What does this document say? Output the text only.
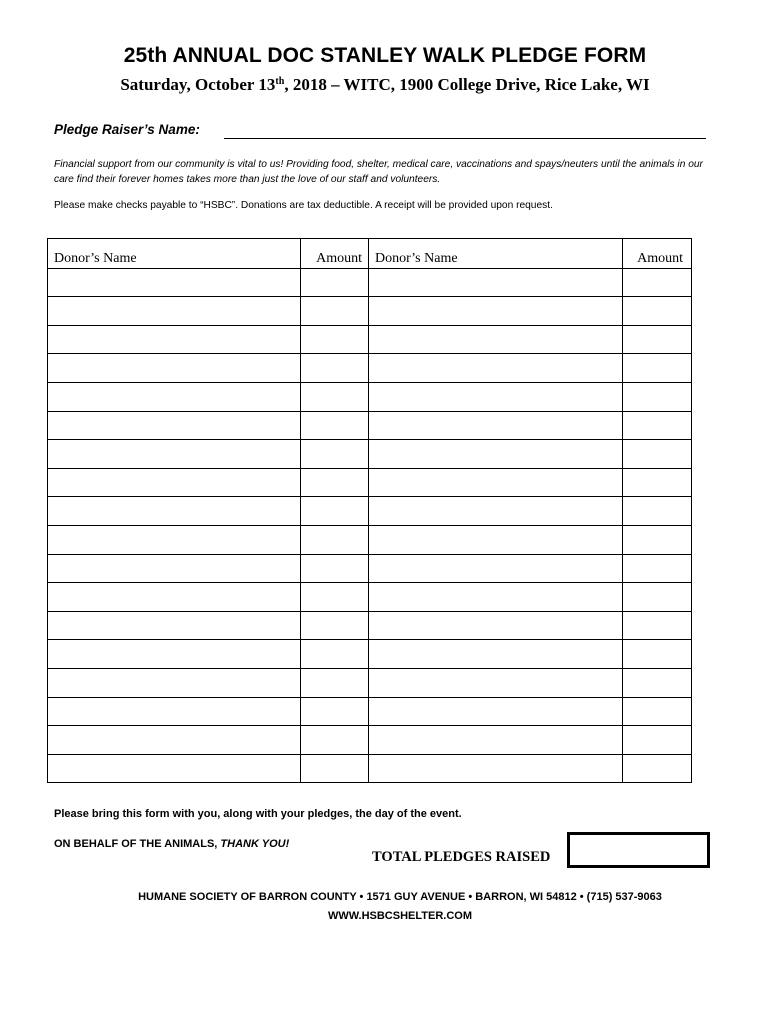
25th ANNUAL DOC STANLEY WALK PLEDGE FORM
Saturday, October 13th, 2018 – WITC, 1900 College Drive, Rice Lake, WI
Pledge Raiser’s Name:
Financial support from our community is vital to us! Providing food, shelter, medical care, vaccinations and spays/neuters until the animals in our care find their forever homes takes more than just the love of our staff and volunteers.
Please make checks payable to “HSBC”. Donations are tax deductible. A receipt will be provided upon request.
Donor’s Name	Amount	Donor’s Name	Amount

Please bring this form with you, along with your pledges, the day of the event.
ON BEHALF OF THE ANIMALS, THANK YOU!
TOTAL PLEDGES RAISED
HUMANE SOCIETY OF BARRON COUNTY • 1571 GUY AVENUE • BARRON, WI 54812 • (715) 537-9063
WWW.HSBCSHELTER.COM
